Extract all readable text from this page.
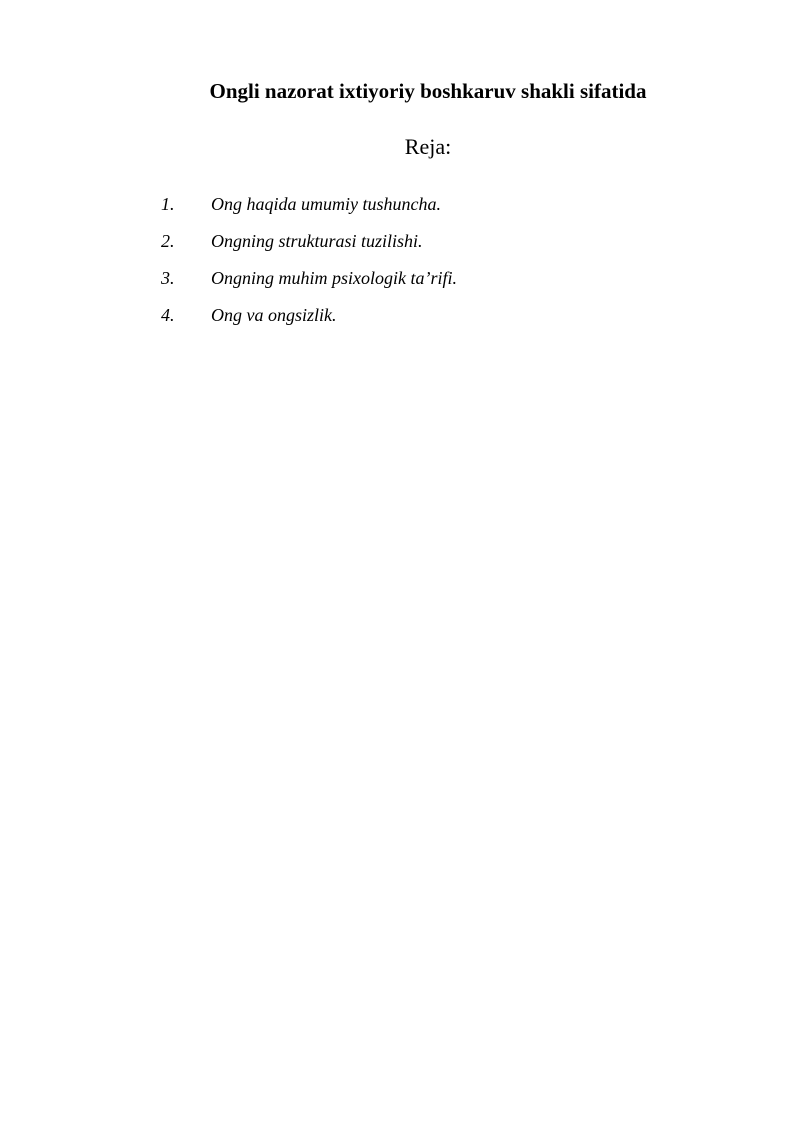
Ongli nazorat ixtiyoriy boshkaruv shakli sifatida
Reja:
1.	Ong haqida umumiy tushuncha.
2.	Ongning strukturasi tuzilishi.
3.	Ongning muhim psixologik ta’rifi.
4.	Ong va ongsizlik.
